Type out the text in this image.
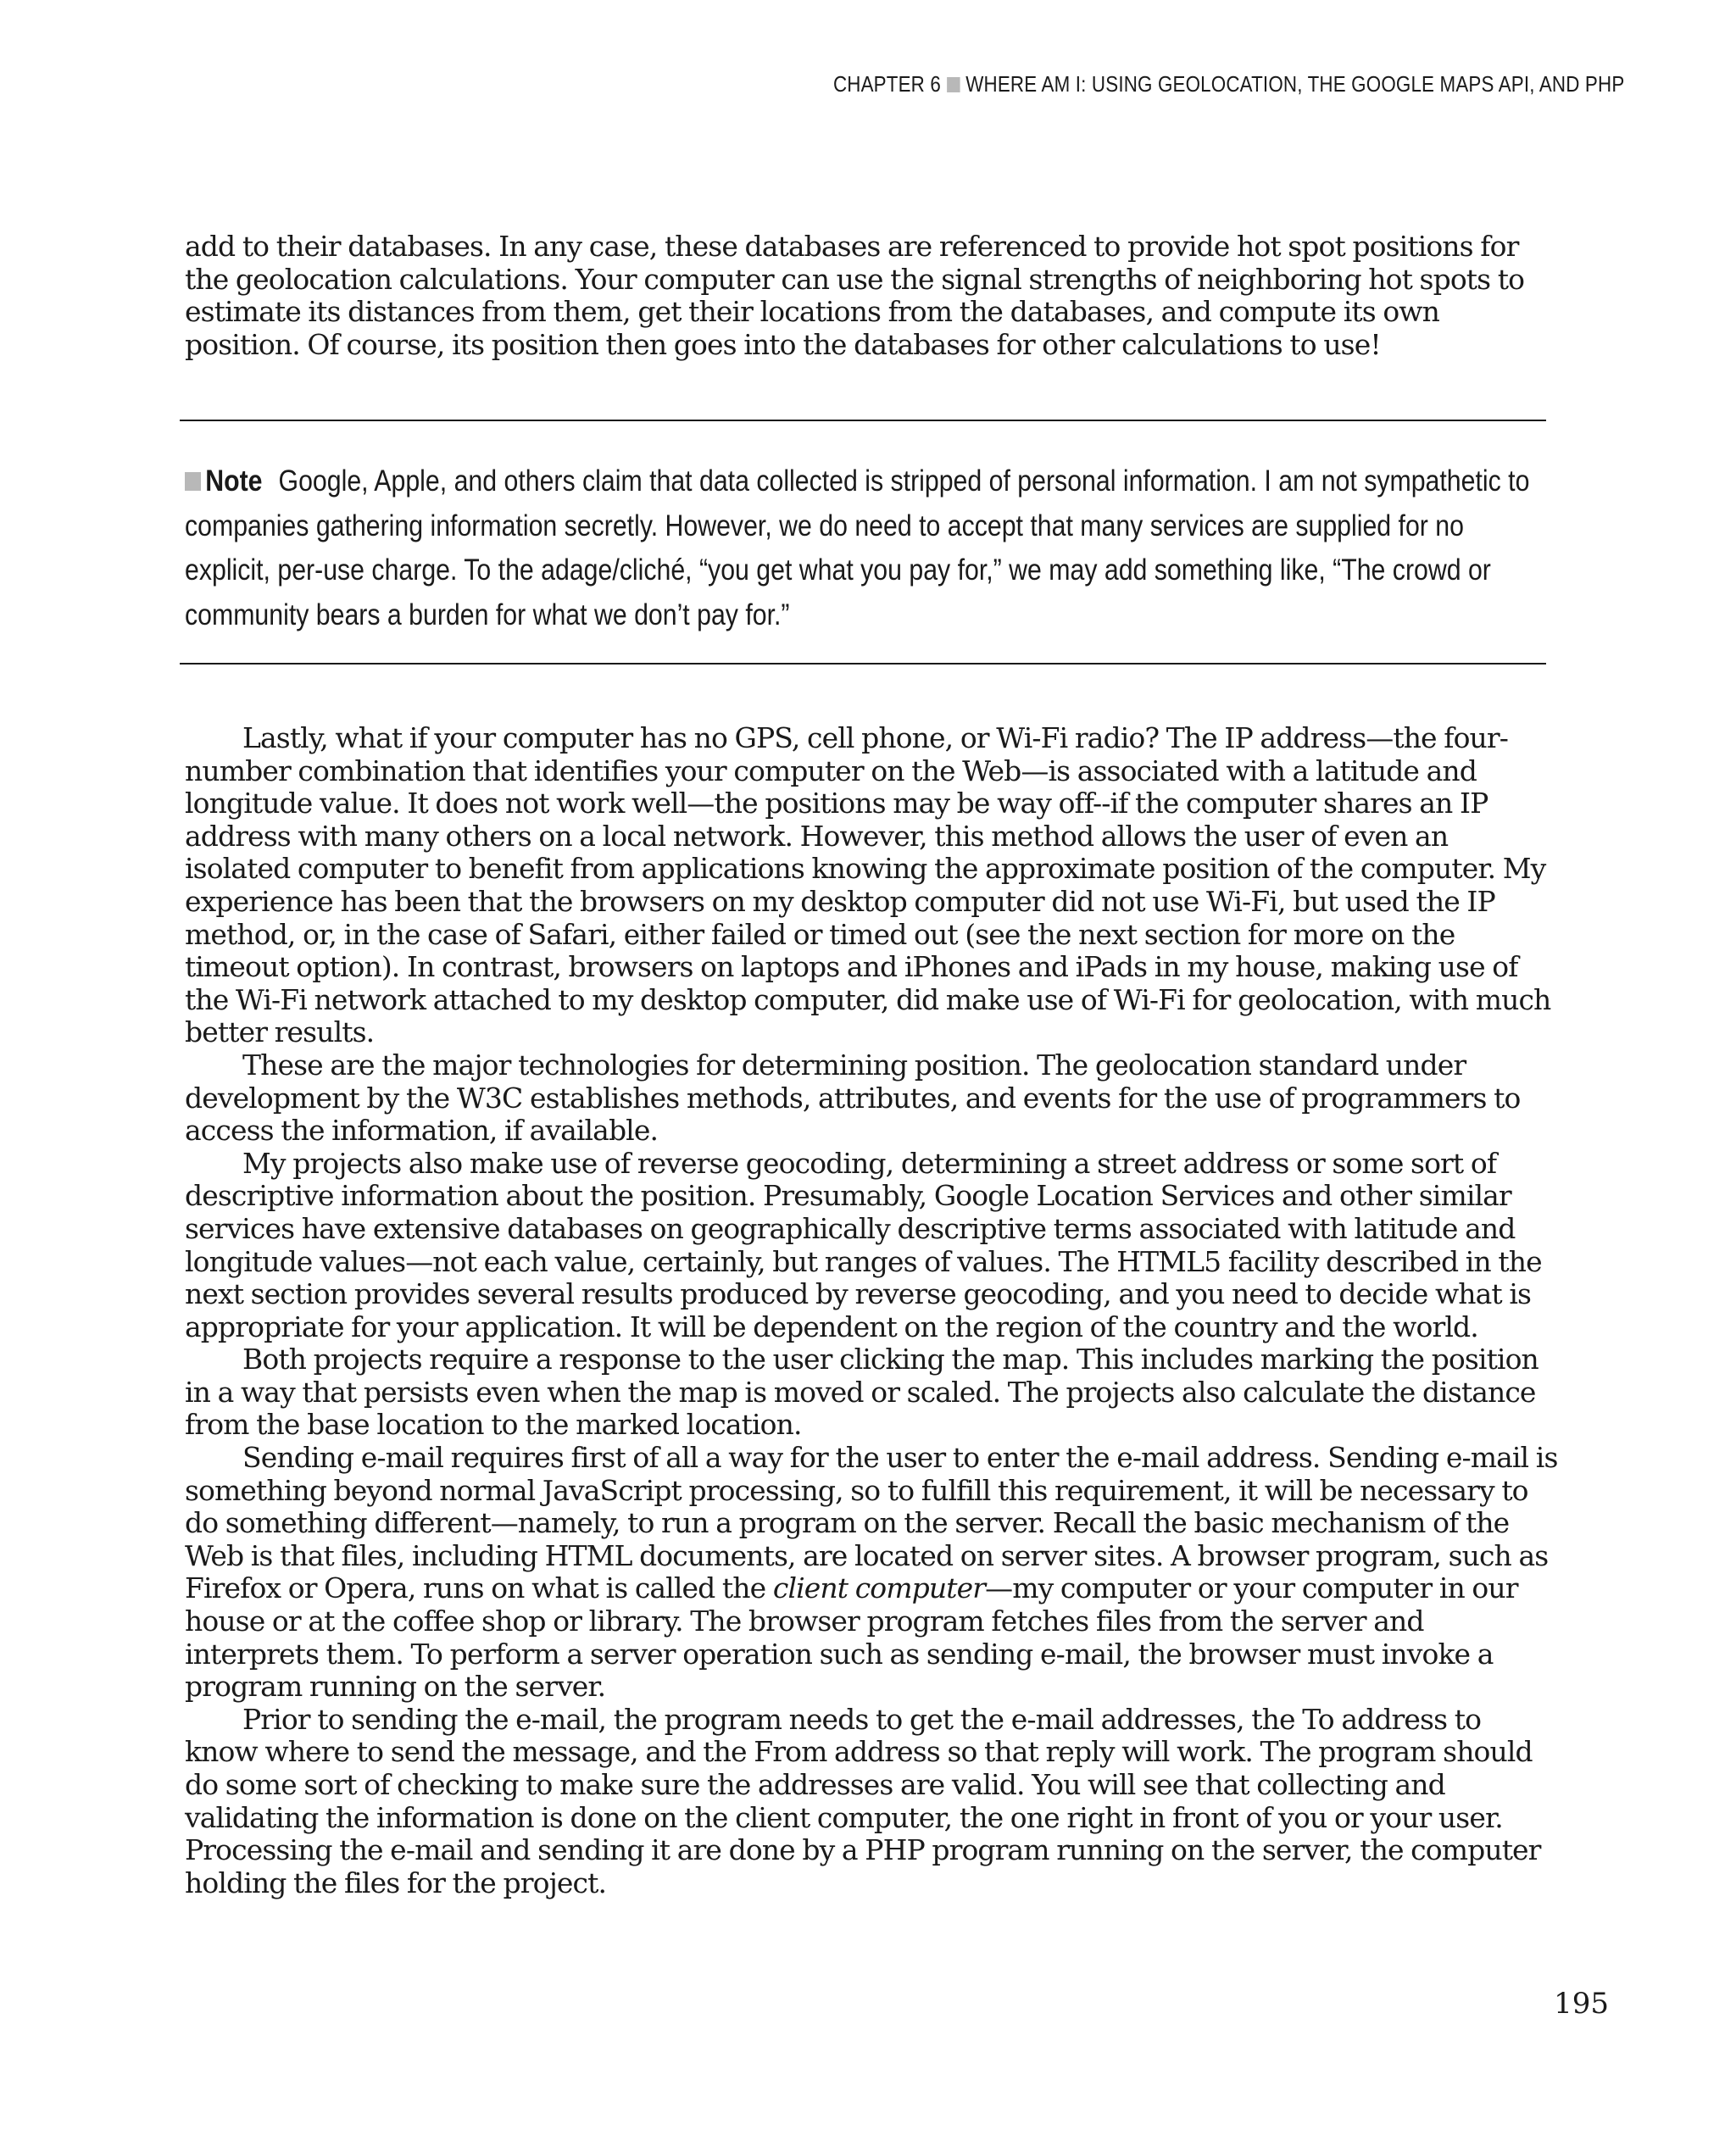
CHAPTER 6 WHERE AM I: USING GEOLOCATION, THE GOOGLE MAPS API, AND PHP

add to their databases. In any case, these databases are referenced to provide hot spot positions for the geolocation calculations. Your computer can use the signal strengths of neighboring hot spots to estimate its distances from them, get their locations from the databases, and compute its own position. Of course, its position then goes into the databases for other calculations to use!

Note Google, Apple, and others claim that data collected is stripped of personal information. I am not sympathetic to companies gathering information secretly. However, we do need to accept that many services are supplied for no explicit, per-use charge. To the adage/cliché, “you get what you pay for,” we may add something like, “The crowd or community bears a burden for what we don’t pay for.”

Lastly, what if your computer has no GPS, cell phone, or Wi-Fi radio? The IP address—the four-number combination that identifies your computer on the Web—is associated with a latitude and longitude value. It does not work well—the positions may be way off--if the computer shares an IP address with many others on a local network. However, this method allows the user of even an isolated computer to benefit from applications knowing the approximate position of the computer. My experience has been that the browsers on my desktop computer did not use Wi-Fi, but used the IP method, or, in the case of Safari, either failed or timed out (see the next section for more on the timeout option). In contrast, browsers on laptops and iPhones and iPads in my house, making use of the Wi-Fi network attached to my desktop computer, did make use of Wi-Fi for geolocation, with much better results.

These are the major technologies for determining position. The geolocation standard under development by the W3C establishes methods, attributes, and events for the use of programmers to access the information, if available.

My projects also make use of reverse geocoding, determining a street address or some sort of descriptive information about the position. Presumably, Google Location Services and other similar services have extensive databases on geographically descriptive terms associated with latitude and longitude values—not each value, certainly, but ranges of values. The HTML5 facility described in the next section provides several results produced by reverse geocoding, and you need to decide what is appropriate for your application. It will be dependent on the region of the country and the world.

Both projects require a response to the user clicking the map. This includes marking the position in a way that persists even when the map is moved or scaled. The projects also calculate the distance from the base location to the marked location.

Sending e-mail requires first of all a way for the user to enter the e-mail address. Sending e-mail is something beyond normal JavaScript processing, so to fulfill this requirement, it will be necessary to do something different—namely, to run a program on the server. Recall the basic mechanism of the Web is that files, including HTML documents, are located on server sites. A browser program, such as Firefox or Opera, runs on what is called the client computer—my computer or your computer in our house or at the coffee shop or library. The browser program fetches files from the server and interprets them. To perform a server operation such as sending e-mail, the browser must invoke a program running on the server.

Prior to sending the e-mail, the program needs to get the e-mail addresses, the To address to know where to send the message, and the From address so that reply will work. The program should do some sort of checking to make sure the addresses are valid. You will see that collecting and validating the information is done on the client computer, the one right in front of you or your user. Processing the e-mail and sending it are done by a PHP program running on the server, the computer holding the files for the project.

195
